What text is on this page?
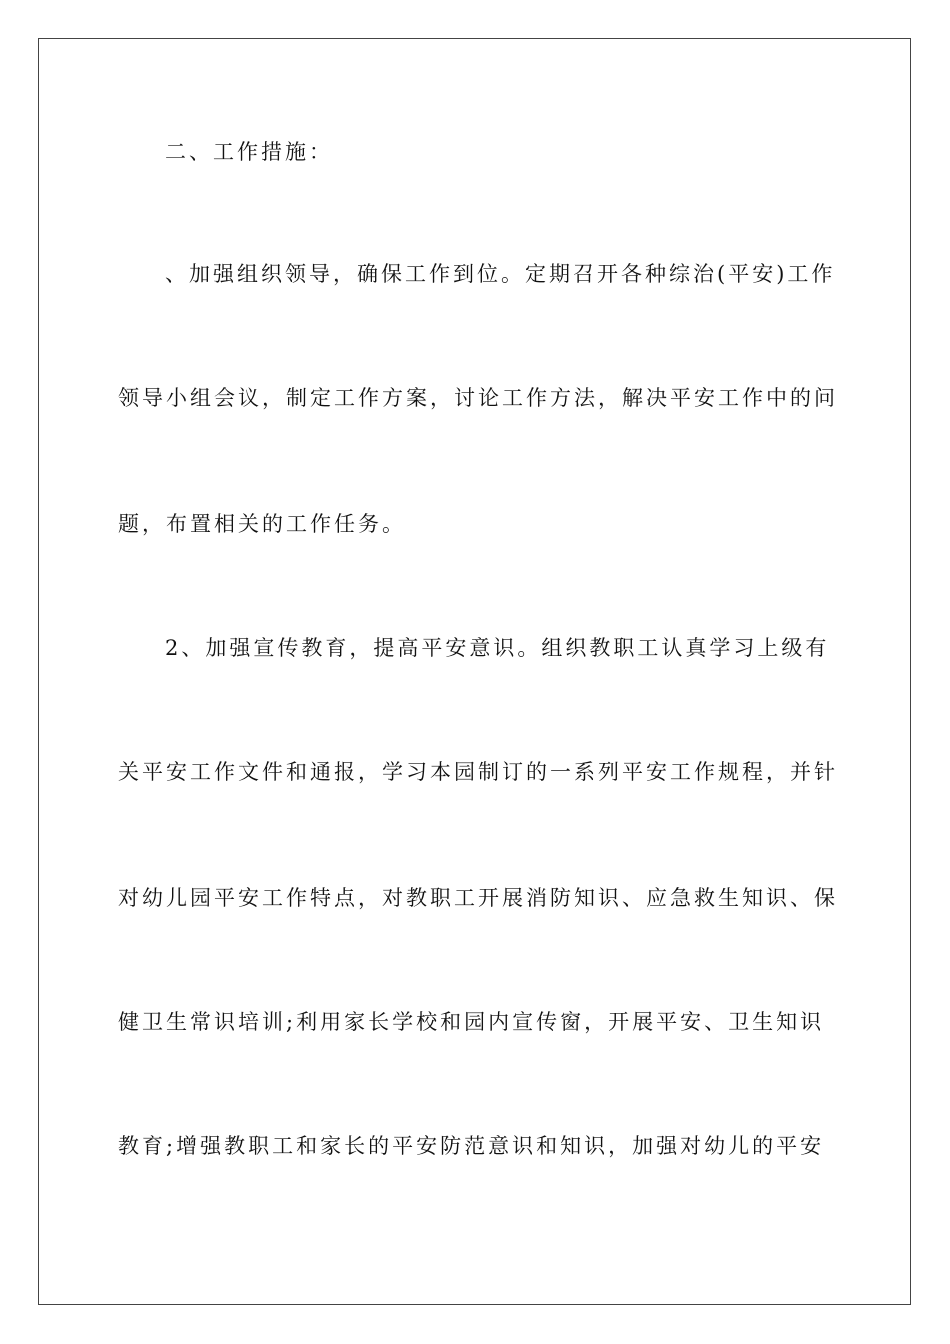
二、工作措施：
、加强组织领导，确保工作到位。定期召开各种综治(平安)工作
领导小组会议，制定工作方案，讨论工作方法，解决平安工作中的问
题，布置相关的工作任务。
2、加强宣传教育，提高平安意识。组织教职工认真学习上级有
关平安工作文件和通报，学习本园制订的一系列平安工作规程，并针
对幼儿园平安工作特点，对教职工开展消防知识、应急救生知识、保
健卫生常识培训;利用家长学校和园内宣传窗，开展平安、卫生知识
教育;增强教职工和家长的平安防范意识和知识，加强对幼儿的平安
